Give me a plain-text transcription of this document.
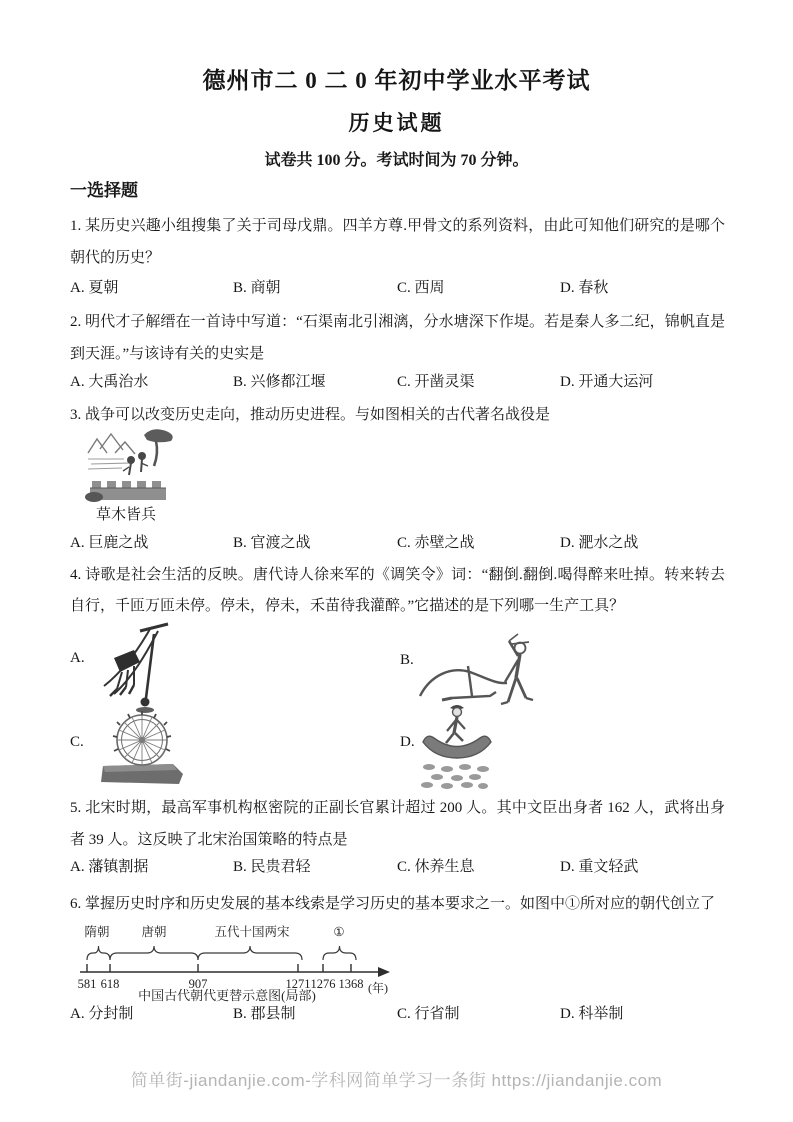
德州市二 0 二 0 年初中学业水平考试
历史试题
试卷共 100 分。考试时间为 70 分钟。
一选择题
1. 某历史兴趣小组搜集了关于司母戊鼎。四羊方尊.甲骨文的系列资料，由此可知他们研究的是哪个朝代的历史？
A. 夏朝	B. 商朝	C. 西周	D. 春秋
2. 明代才子解缙在一首诗中写道：“石渠南北引湘漓，分水塘深下作堤。若是秦人多二纪，锦帆直是到天涯。”与该诗有关的史实是
A. 大禹治水	B. 兴修都江堰	C. 开凿灵渠	D. 开通大运河
3. 战争可以改变历史走向，推动历史进程。与如图相关的古代著名战役是
草木皆兵
A. 巨鹿之战	B. 官渡之战	C. 赤壁之战	D. 淝水之战
4. 诗歌是社会生活的反映。唐代诗人徐来军的《调笑令》词：“翻倒.翻倒.喝得醉来吐掉。转来转去自行，千匝万匝未停。停未，停未，禾苗待我灌醉。”它描述的是下列哪一生产工具？
A.	B.
C.	D.
5. 北宋时期，最高军事机构枢密院的正副长官累计超过 200 人。其中文臣出身者 162 人，武将出身者 39 人。这反映了北宋治国策略的特点是
A. 藩镇割据	B. 民贵君轻	C. 休养生息	D. 重文轻武
6. 掌握历史时序和历史发展的基本线索是学习历史的基本要求之一。如图中①所对应的朝代创立了
隋朝	唐朝	五代十国两宋	①
581 618	907	1271 1276 1368 (年)
中国古代朝代更替示意图(局部)
A. 分封制	B. 郡县制	C. 行省制	D. 科举制
简单街-jiandanjie.com-学科网简单学习一条街 https://jiandanjie.com
